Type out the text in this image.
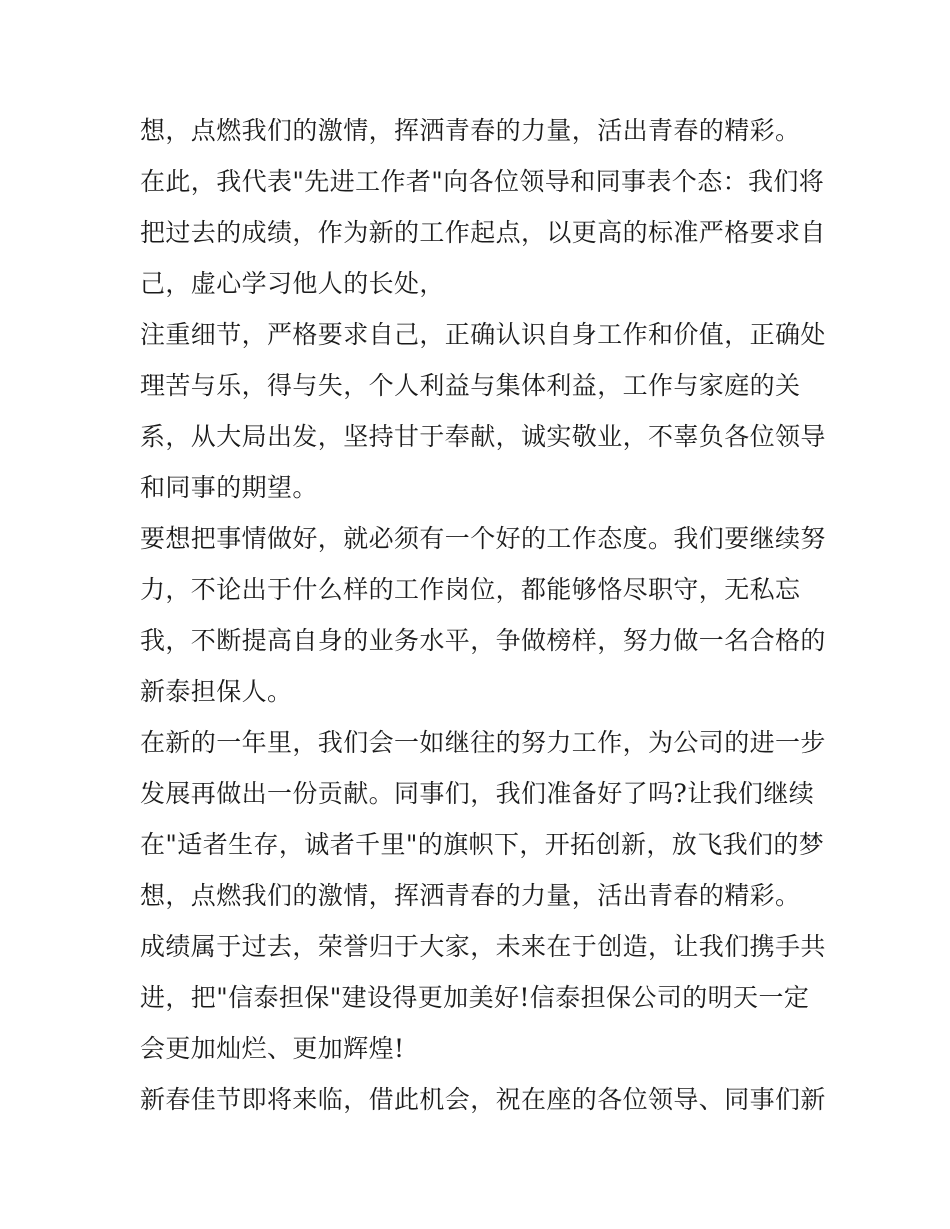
想，点燃我们的激情，挥洒青春的力量，活出青春的精彩。
在此，我代表"先进工作者"向各位领导和同事表个态：我们将
把过去的成绩，作为新的工作起点，以更高的标准严格要求自
己，虚心学习他人的长处，
注重细节，严格要求自己，正确认识自身工作和价值，正确处
理苦与乐，得与失，个人利益与集体利益，工作与家庭的关
系，从大局出发，坚持甘于奉献，诚实敬业，不辜负各位领导
和同事的期望。
要想把事情做好，就必须有一个好的工作态度。我们要继续努
力，不论出于什么样的工作岗位，都能够恪尽职守，无私忘
我，不断提高自身的业务水平，争做榜样，努力做一名合格的
新泰担保人。
在新的一年里，我们会一如继往的努力工作，为公司的进一步
发展再做出一份贡献。同事们，我们准备好了吗?让我们继续
在"适者生存，诚者千里"的旗帜下，开拓创新，放飞我们的梦
想，点燃我们的激情，挥洒青春的力量，活出青春的精彩。
成绩属于过去，荣誉归于大家，未来在于创造，让我们携手共
进，把"信泰担保"建设得更加美好!信泰担保公司的明天一定
会更加灿烂、更加辉煌!
新春佳节即将来临，借此机会，祝在座的各位领导、同事们新
